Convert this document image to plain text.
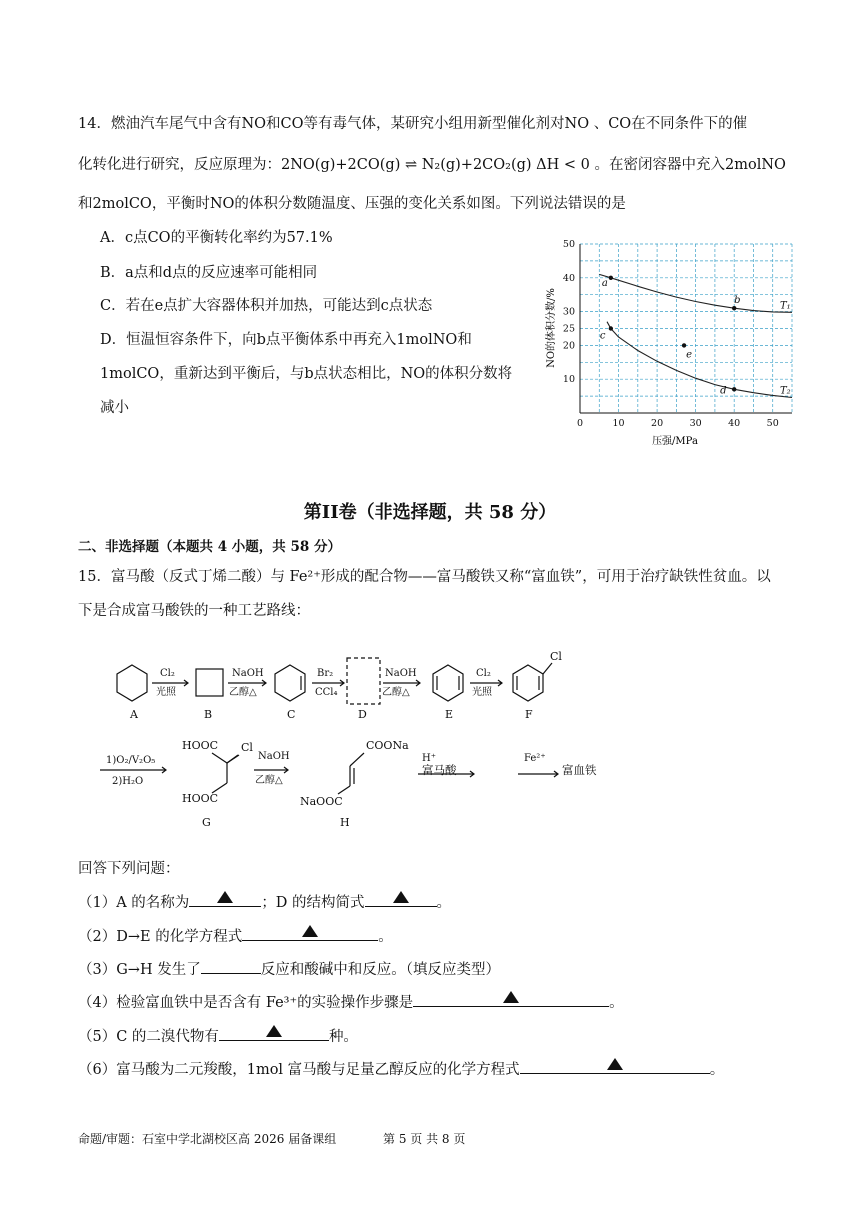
14．燃油汽车尾气中含有NO和CO等有毒气体，某研究小组用新型催化剂对NO 、CO在不同条件下的催
化转化进行研究，反应原理为：2NO(g)+2CO(g) ⇌ N₂(g)+2CO₂(g) ΔH < 0 。在密闭容器中充入2molNO
和2molCO，平衡时NO的体积分数随温度、压强的变化关系如图。下列说法错误的是
A．c点CO的平衡转化率约为57.1%
B．a点和d点的反应速率可能相同
C．若在e点扩大容器体积并加热，可能达到c点状态
D．恒温恒容条件下，向b点平衡体系中再充入1molNO和
1molCO，重新达到平衡后，与b点状态相比，NO的体积分数将
减小
0	10	20	30	40	50
10
20
25
30
40
50
T₁
T₂
a
b
c
e
d
压强/MPa
NO的体积分数/%
第II卷（非选择题，共 58 分）
二、非选择题（本题共 4 小题，共 58 分）
15．富马酸（反式丁烯二酸）与 Fe²⁺形成的配合物——富马酸铁又称“富血铁”，可用于治疗缺铁性贫血。以
下是合成富马酸铁的一种工艺路线：
A
Cl₂
光照
B
NaOH
乙醇△
C
Br₂
CCl₄
D
NaOH
乙醇△
E
Cl₂
光照
Cl
F
1)O₂/V₂O₅
2)H₂O
HOOC Cl
HOOC
G
NaOH
乙醇△
COONa
NaOOC
H
H⁺
富马酸
Fe²⁺
富血铁
回答下列问题：
（1）A 的名称为	；D 的结构简式	。
（2）D→E 的化学方程式	。
（3）G→H 发生了	反应和酸碱中和反应。（填反应类型）
（4）检验富血铁中是否含有 Fe³⁺的实验操作步骤是	。
（5）C 的二溴代物有	种。
（6）富马酸为二元羧酸，1mol 富马酸与足量乙醇反应的化学方程式	。
命题/审题：石室中学北湖校区高 2026 届备课组	第 5 页 共 8 页
